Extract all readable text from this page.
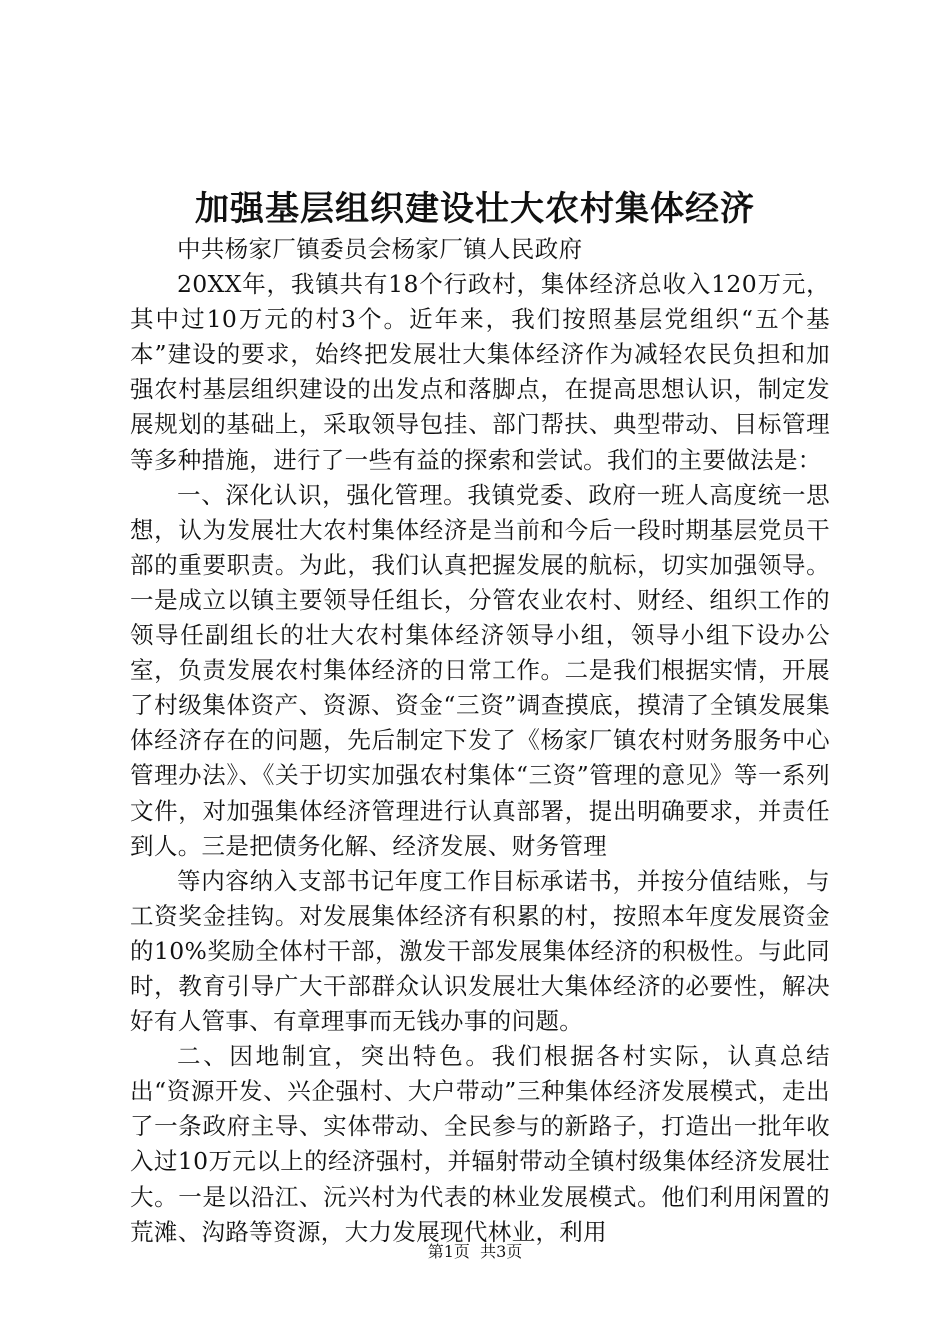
加强基层组织建设壮大农村集体经济

中共杨家厂镇委员会杨家厂镇人民政府

20XX年，我镇共有18个行政村，集体经济总收入120万元，其中过10万元的村3个。近年来，我们按照基层党组织“五个基本”建设的要求，始终把发展壮大集体经济作为减轻农民负担和加强农村基层组织建设的出发点和落脚点，在提高思想认识，制定发展规划的基础上，采取领导包挂、部门帮扶、典型带动、目标管理等多种措施，进行了一些有益的探索和尝试。我们的主要做法是：

一、深化认识，强化管理。我镇党委、政府一班人高度统一思想，认为发展壮大农村集体经济是当前和今后一段时期基层党员干部的重要职责。为此，我们认真把握发展的航标，切实加强领导。一是成立以镇主要领导任组长，分管农业农村、财经、组织工作的领导任副组长的壮大农村集体经济领导小组，领导小组下设办公室，负责发展农村集体经济的日常工作。二是我们根据实情，开展了村级集体资产、资源、资金“三资”调查摸底，摸清了全镇发展集体经济存在的问题，先后制定下发了《杨家厂镇农村财务服务中心管理办法》、《关于切实加强农村集体“三资”管理的意见》等一系列文件，对加强集体经济管理进行认真部署，提出明确要求，并责任到人。三是把债务化解、经济发展、财务管理

等内容纳入支部书记年度工作目标承诺书，并按分值结账，与工资奖金挂钩。对发展集体经济有积累的村，按照本年度发展资金的10%奖励全体村干部，激发干部发展集体经济的积极性。与此同时，教育引导广大干部群众认识发展壮大集体经济的必要性，解决好有人管事、有章理事而无钱办事的问题。

二、因地制宜，突出特色。我们根据各村实际，认真总结出“资源开发、兴企强村、大户带动”三种集体经济发展模式，走出了一条政府主导、实体带动、全民参与的新路子，打造出一批年收入过10万元以上的经济强村，并辐射带动全镇村级集体经济发展壮大。一是以沿江、沅兴村为代表的林业发展模式。他们利用闲置的荒滩、沟路等资源，大力发展现代林业，利用

第1页 共3页
